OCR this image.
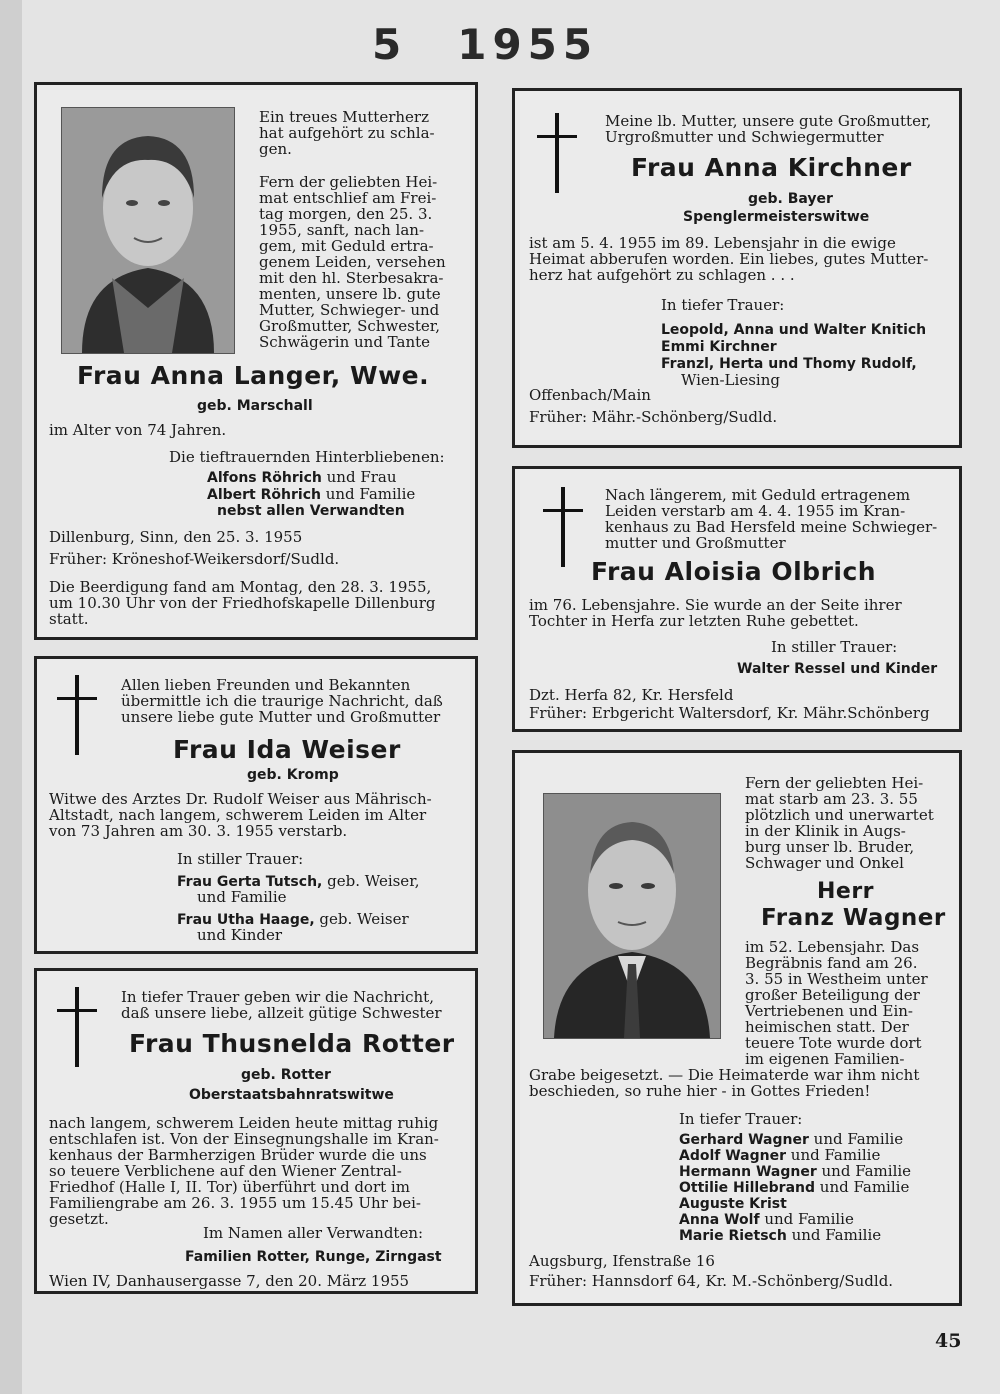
5 1955
Ein treues Mutterherz
hat aufgehört zu schla-
gen.
Fern der geliebten Hei-
mat entschlief am Frei-
tag morgen, den 25. 3.
1955, sanft, nach lan-
gem, mit Geduld ertra-
genem Leiden, versehen
mit den hl. Sterbesakra-
menten, unsere lb. gute
Mutter, Schwieger- und
Großmutter, Schwester,
Schwägerin und Tante
Frau Anna Langer, Wwe.
geb. Marschall
im Alter von 74 Jahren.
Die tieftrauernden Hinterbliebenen:
Alfons Röhrich und Frau
Albert Röhrich und Familie
nebst allen Verwandten
Dillenburg, Sinn, den 25. 3. 1955
Früher: Kröneshof-Weikersdorf/Sudld.
Die Beerdigung fand am Montag, den 28. 3. 1955,
um 10.30 Uhr von der Friedhofskapelle Dillenburg
statt.
Meine lb. Mutter, unsere gute Großmutter,
Urgroßmutter und Schwiegermutter
Frau Anna Kirchner
geb. Bayer
Spenglermeisterswitwe
ist am 5. 4. 1955 im 89. Lebensjahr in die ewige
Heimat abberufen worden. Ein liebes, gutes Mutter-
herz hat aufgehört zu schlagen . . .
In tiefer Trauer:
Leopold, Anna und Walter Knitich
Emmi Kirchner
Franzl, Herta und Thomy Rudolf,
Wien-Liesing
Offenbach/Main
Früher: Mähr.-Schönberg/Sudld.
Nach längerem, mit Geduld ertragenem
Leiden verstarb am 4. 4. 1955 im Kran-
kenhaus zu Bad Hersfeld meine Schwieger-
mutter und Großmutter
Frau Aloisia Olbrich
im 76. Lebensjahre. Sie wurde an der Seite ihrer
Tochter in Herfa zur letzten Ruhe gebettet.
In stiller Trauer:
Walter Ressel und Kinder
Dzt. Herfa 82, Kr. Hersfeld
Früher: Erbgericht Waltersdorf, Kr. Mähr.Schönberg
Allen lieben Freunden und Bekannten
übermittle ich die traurige Nachricht, daß
unsere liebe gute Mutter und Großmutter
Frau Ida Weiser
geb. Kromp
Witwe des Arztes Dr. Rudolf Weiser aus Mährisch-
Altstadt, nach langem, schwerem Leiden im Alter
von 73 Jahren am 30. 3. 1955 verstarb.
In stiller Trauer:
Frau Gerta Tutsch, geb. Weiser,
und Familie
Frau Utha Haage, geb. Weiser
und Kinder
In tiefer Trauer geben wir die Nachricht,
daß unsere liebe, allzeit gütige Schwester
Frau Thusnelda Rotter
geb. Rotter
Oberstaatsbahnratswitwe
nach langem, schwerem Leiden heute mittag ruhig
entschlafen ist. Von der Einsegnungshalle im Kran-
kenhaus der Barmherzigen Brüder wurde die uns
so teuere Verblichene auf den Wiener Zentral-
Friedhof (Halle I, II. Tor) überführt und dort im
Familiengrabe am 26. 3. 1955 um 15.45 Uhr bei-
gesetzt.
Im Namen aller Verwandten:
Familien Rotter, Runge, Zirngast
Wien IV, Danhausergasse 7, den 20. März 1955
Fern der geliebten Hei-
mat starb am 23. 3. 55
plötzlich und unerwartet
in der Klinik in Augs-
burg unser lb. Bruder,
Schwager und Onkel
Herr
Franz Wagner
im 52. Lebensjahr. Das
Begräbnis fand am 26.
3. 55 in Westheim unter
großer Beteiligung der
Vertriebenen und Ein-
heimischen statt. Der
teuere Tote wurde dort
im eigenen Familien-
Grabe beigesetzt. — Die Heimaterde war ihm nicht
beschieden, so ruhe hier - in Gottes Frieden!
In tiefer Trauer:
Gerhard Wagner und Familie
Adolf Wagner und Familie
Hermann Wagner und Familie
Ottilie Hillebrand und Familie
Auguste Krist
Anna Wolf und Familie
Marie Rietsch und Familie
Augsburg, Ifenstraße 16
Früher: Hannsdorf 64, Kr. M.-Schönberg/Sudld.
45
